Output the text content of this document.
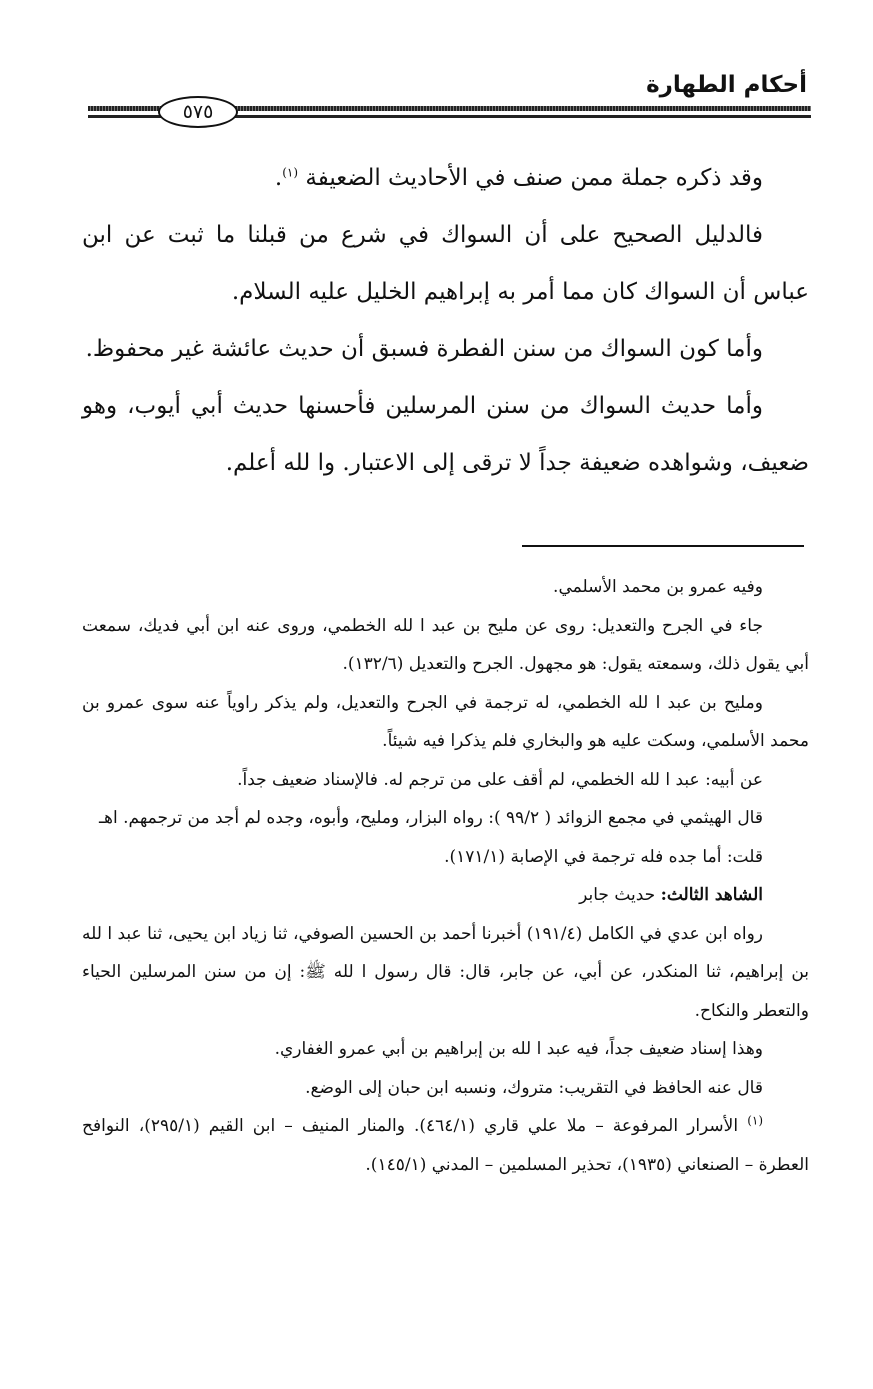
أحكام الطهارة
٥٧٥

وقد ذكره جملة ممن صنف في الأحاديث الضعيفة $^{(١)}$.

فالدليل الصحيح على أن السواك في شرع من قبلنا ما ثبت عن ابن عباس أن السواك كان مما أمر به إبراهيم الخليل عليه السلام.

وأما كون السواك من سنن الفطرة فسبق أن حديث عائشة غير محفوظ.

وأما حديث السواك من سنن المرسلين فأحسنها حديث أبي أيوب، وهو ضعيف، وشواهده ضعيفة جداً لا ترقى إلى الاعتبار. وا لله أعلم.

وفيه عمرو بن محمد الأسلمي.

جاء في الجرح والتعديل: روى عن مليح بن عبد ا لله الخطمي، وروى عنه ابن أبي فديك، سمعت أبي يقول ذلك، وسمعته يقول: هو مجهول. الجرح والتعديل (١٣٢/٦).

ومليح بن عبد ا لله الخطمي، له ترجمة في الجرح والتعديل، ولم يذكر راوياً عنه سوى عمرو بن محمد الأسلمي، وسكت عليه هو والبخاري فلم يذكرا فيه شيئاً.

عن أبيه: عبد ا لله الخطمي، لم أقف على من ترجم له. فالإسناد ضعيف جداً.

قال الهيثمي في مجمع الزوائد ( ٩٩/٢ ): رواه البزار، ومليح، وأبوه، وجده لم أجد من ترجمهم. اهـ

قلت: أما جده فله ترجمة في الإصابة (١٧١/١).

الشاهد الثالث: حديث جابر

رواه ابن عدي في الكامل (١٩١/٤) أخبرنا أحمد بن الحسين الصوفي، ثنا زياد ابن يحيى، ثنا عبد ا لله بن إبراهيم، ثنا المنكدر، عن أبي، عن جابر، قال: قال رسول ا لله ﷺ: إن من سنن المرسلين الحياء والتعطر والنكاح.

وهذا إسناد ضعيف جداً، فيه عبد ا لله بن إبراهيم بن أبي عمرو الغفاري.

قال عنه الحافظ في التقريب: متروك، ونسبه ابن حبان إلى الوضع.

$^{(١)}$ الأسرار المرفوعة – ملا علي قاري (٤٦٤/١). والمنار المنيف – ابن القيم (٢٩٥/١)، النوافح العطرة – الصنعاني (١٩٣٥)، تحذير المسلمين – المدني (١٤٥/١).
